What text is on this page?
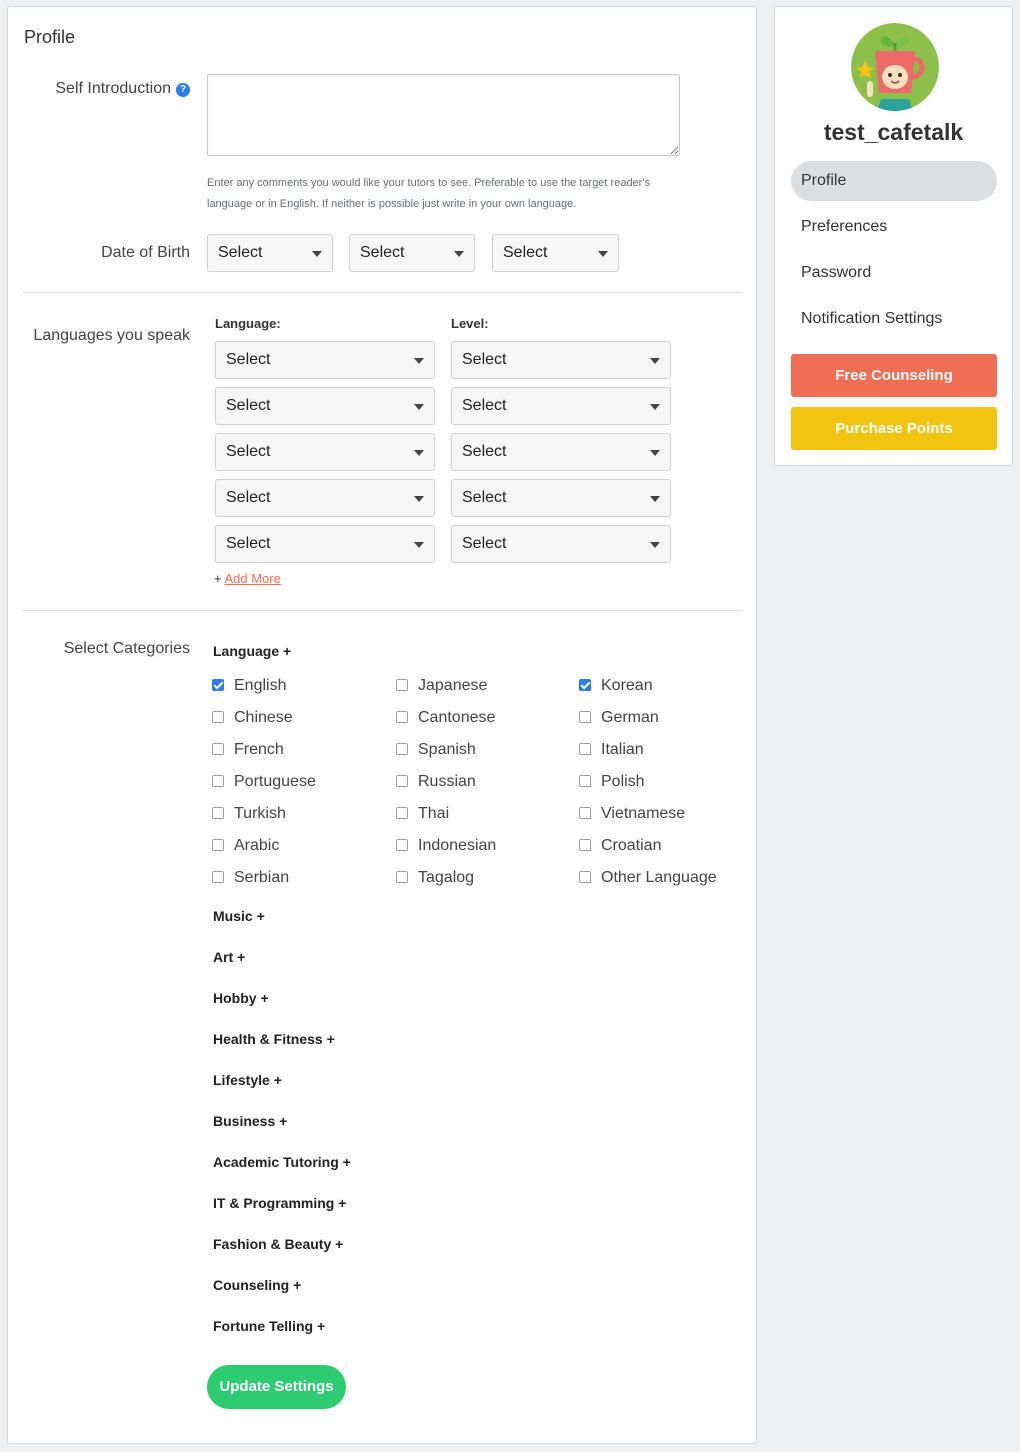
Profile
Self Introduction ?
Enter any comments you would like your tutors to see. Preferable to use the target reader's language or in English. If neither is possible just write in your own language.
Date of Birth	Select	Select	Select
Languages you speak
Language:	Level:
Select	Select
Select	Select
Select	Select
Select	Select
Select	Select
+ Add More
Select Categories Language +
English	Japanese	Korean
Chinese	Cantonese	German
French	Spanish	Italian
Portuguese	Russian	Polish
Turkish	Thai	Vietnamese
Arabic	Indonesian	Croatian
Serbian	Tagalog	Other Language
Music +
Art +
Hobby +
Health & Fitness +
Lifestyle +
Business +
Academic Tutoring +
IT & Programming +
Fashion & Beauty +
Counseling +
Fortune Telling +
Update Settings
test_cafetalk
Profile
Preferences
Password
Notification Settings
Free Counseling
Purchase Points
